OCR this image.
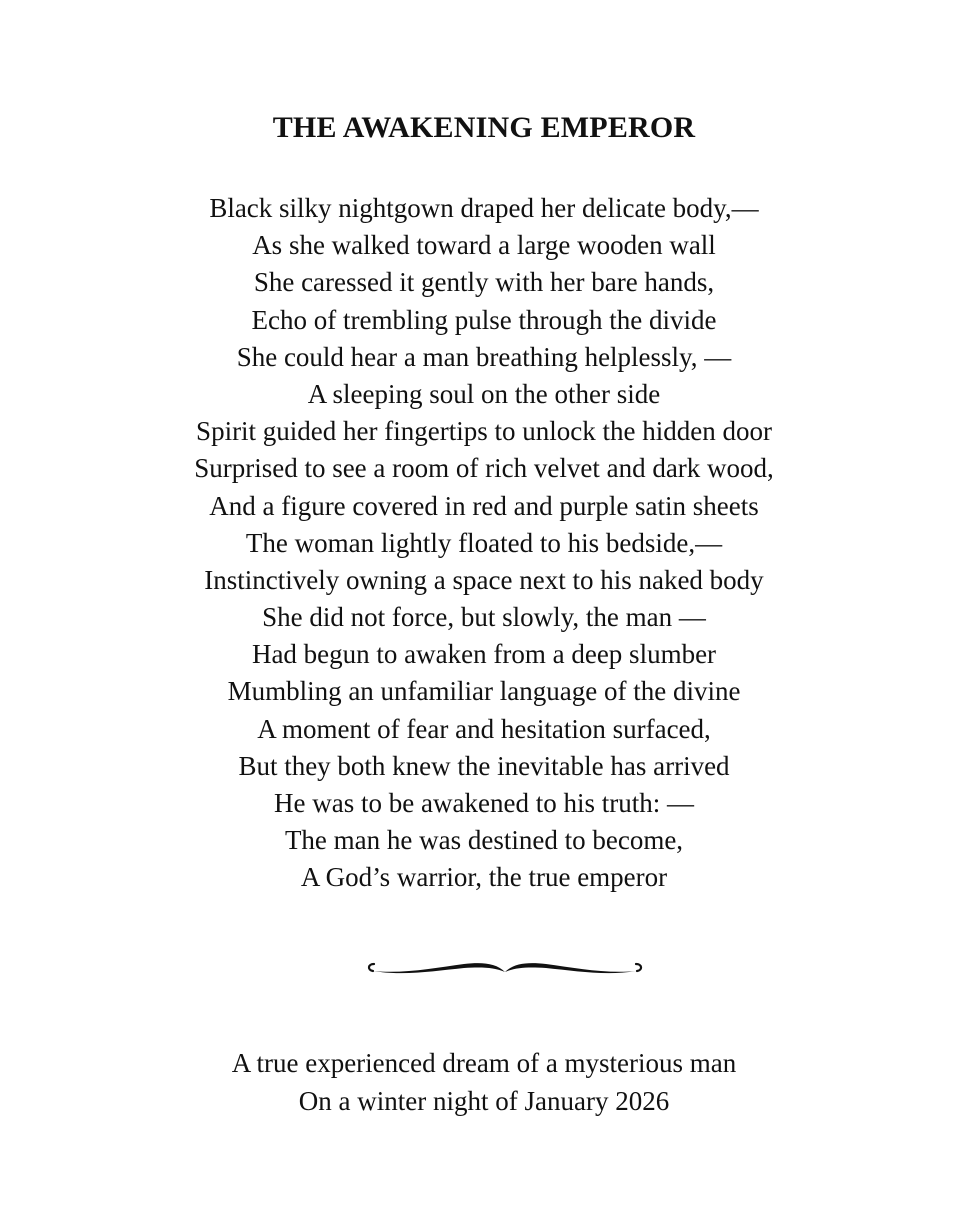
THE AWAKENING EMPEROR
Black silky nightgown draped her delicate body,—
As she walked toward a large wooden wall
She caressed it gently with her bare hands,
Echo of trembling pulse through the divide
She could hear a man breathing helplessly, —
A sleeping soul on the other side
Spirit guided her fingertips to unlock the hidden door
Surprised to see a room of rich velvet and dark wood,
And a figure covered in red and purple satin sheets
The woman lightly floated to his bedside,—
Instinctively owning a space next to his naked body
She did not force, but slowly, the man —
Had begun to awaken from a deep slumber
Mumbling an unfamiliar language of the divine
A moment of fear and hesitation surfaced,
But they both knew the inevitable has arrived
He was to be awakened to his truth: —
The man he was destined to become,
A God’s warrior, the true emperor
A true experienced dream of a mysterious man
On a winter night of January 2026
